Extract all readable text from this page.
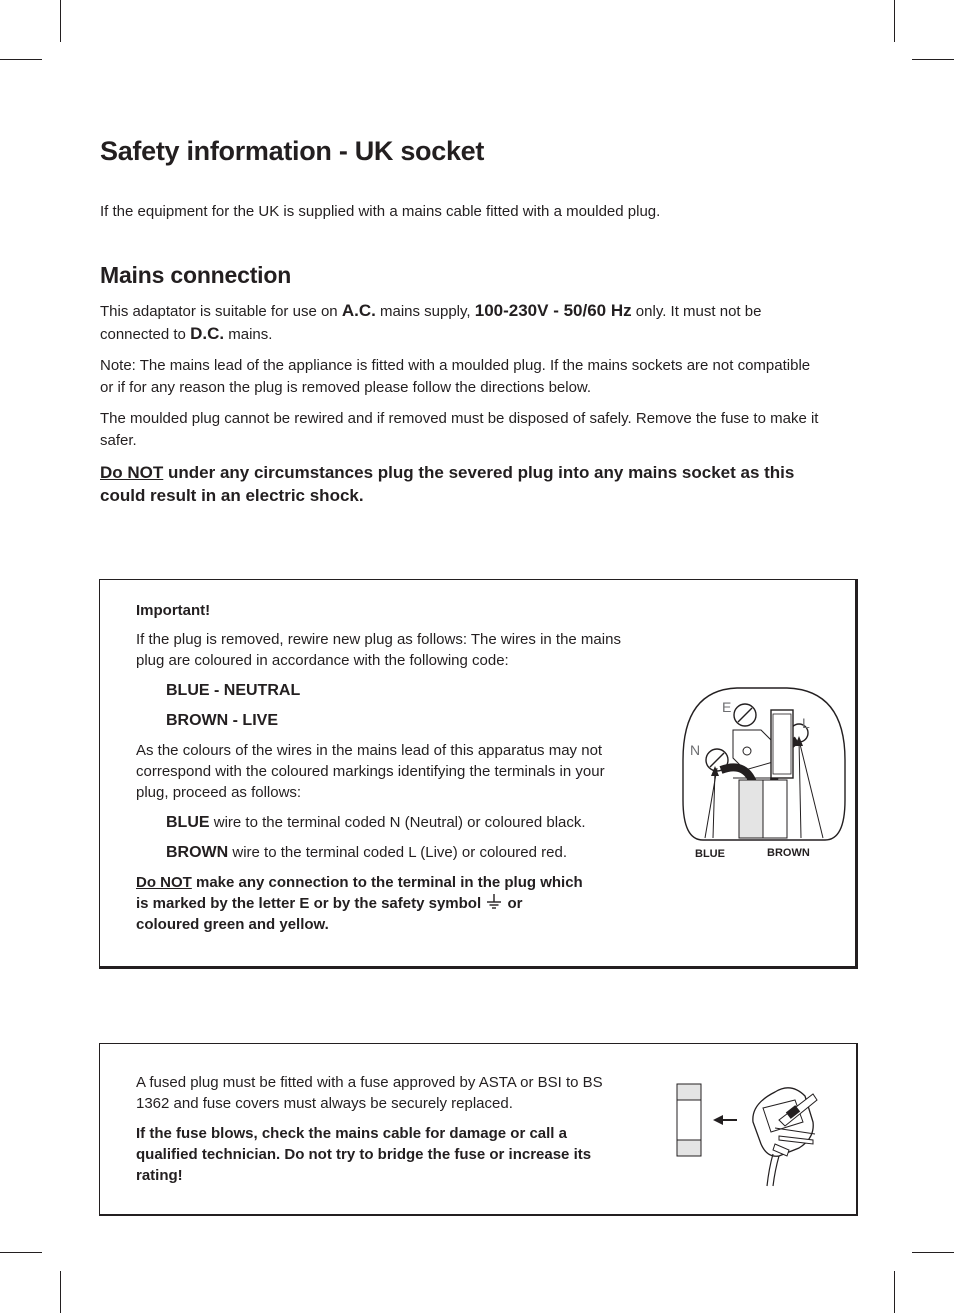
Safety information - UK socket

If the equipment for the UK is supplied with a mains cable fitted with a moulded plug.

Mains connection

This adaptator is suitable for use on A.C. mains supply, 100-230V - 50/60 Hz only. It must not be connected to D.C. mains.

Note: The mains lead of the appliance is fitted with a moulded plug. If the mains sockets are not compatible or if for any reason the plug is removed please follow the directions below.

The moulded plug cannot be rewired and if removed must be disposed of safely. Remove the fuse to make it safer.

Do NOT under any circumstances plug the severed plug into any mains socket as this could result in an electric shock.

Important!

If the plug is removed, rewire new plug as follows: The wires in the mains plug are coloured in accordance with the following code:

BLUE - NEUTRAL

BROWN - LIVE

As the colours of the wires in the mains lead of this apparatus may not correspond with the coloured markings identifying the terminals in your plug, proceed as follows:

BLUE wire to the terminal coded N (Neutral) or coloured black.

BROWN wire to the terminal coded L (Live) or coloured red.

Do NOT make any connection to the terminal in the plug which is marked by the letter E or by the safety symbol  or coloured green and yellow.

E
N
L
BLUE	BROWN

A fused plug must be fitted with a fuse approved by ASTA or BSI to BS 1362 and fuse covers must always be securely replaced.

If the fuse blows, check the mains cable for damage or call a qualified technician. Do not try to bridge the fuse or increase its rating!
